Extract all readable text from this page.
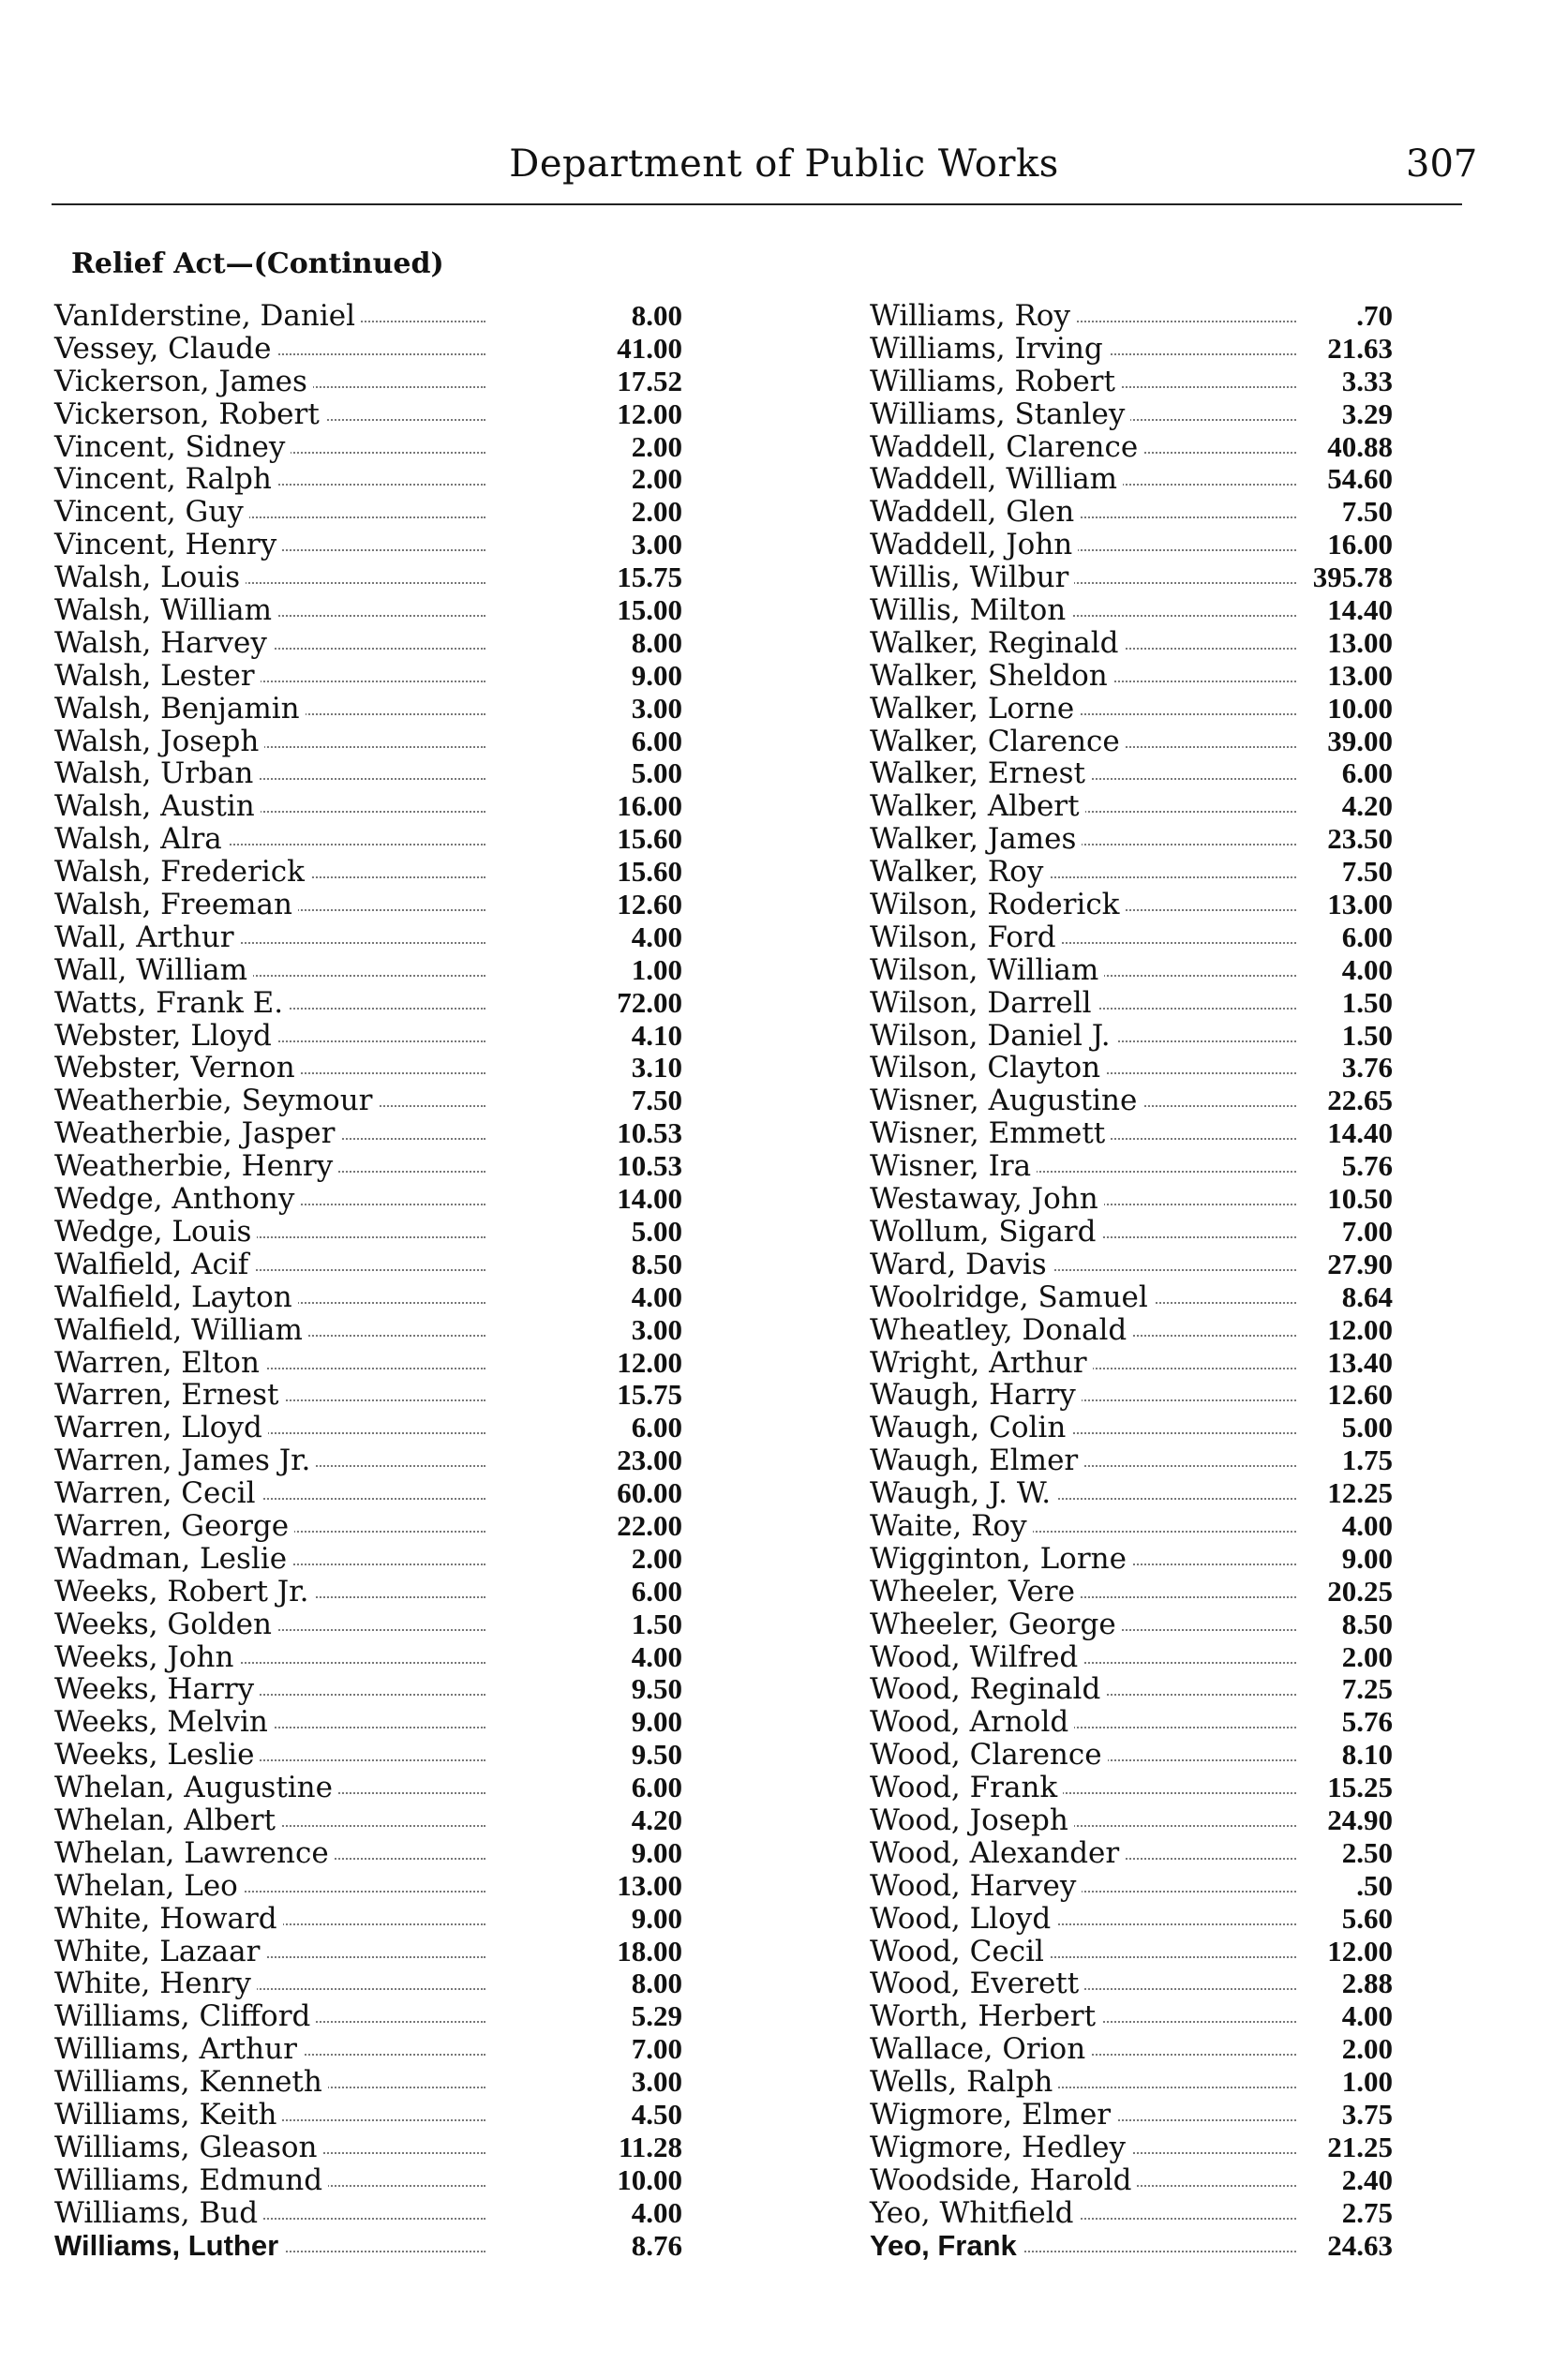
Department of Public Works	307
Relief Act—(Continued)
VanIderstine, Daniel	8.00
Vessey, Claude	41.00
Vickerson, James	17.52
Vickerson, Robert	12.00
Vincent, Sidney	2.00
Vincent, Ralph	2.00
Vincent, Guy	2.00
Vincent, Henry	3.00
Walsh, Louis	15.75
Walsh, William	15.00
Walsh, Harvey	8.00
Walsh, Lester	9.00
Walsh, Benjamin	3.00
Walsh, Joseph	6.00
Walsh, Urban	5.00
Walsh, Austin	16.00
Walsh, Alra	15.60
Walsh, Frederick	15.60
Walsh, Freeman	12.60
Wall, Arthur	4.00
Wall, William	1.00
Watts, Frank E.	72.00
Webster, Lloyd	4.10
Webster, Vernon	3.10
Weatherbie, Seymour	7.50
Weatherbie, Jasper	10.53
Weatherbie, Henry	10.53
Wedge, Anthony	14.00
Wedge, Louis	5.00
Walfield, Acif	8.50
Walfield, Layton	4.00
Walfield, William	3.00
Warren, Elton	12.00
Warren, Ernest	15.75
Warren, Lloyd	6.00
Warren, James Jr.	23.00
Warren, Cecil	60.00
Warren, George	22.00
Wadman, Leslie	2.00
Weeks, Robert Jr.	6.00
Weeks, Golden	1.50
Weeks, John	4.00
Weeks, Harry	9.50
Weeks, Melvin	9.00
Weeks, Leslie	9.50
Whelan, Augustine	6.00
Whelan, Albert	4.20
Whelan, Lawrence	9.00
Whelan, Leo	13.00
White, Howard	9.00
White, Lazaar	18.00
White, Henry	8.00
Williams, Clifford	5.29
Williams, Arthur	7.00
Williams, Kenneth	3.00
Williams, Keith	4.50
Williams, Gleason	11.28
Williams, Edmund	10.00
Williams, Bud	4.00
Williams, Luther	8.76
Williams, Roy	.70
Williams, Irving	21.63
Williams, Robert	3.33
Williams, Stanley	3.29
Waddell, Clarence	40.88
Waddell, William	54.60
Waddell, Glen	7.50
Waddell, John	16.00
Willis, Wilbur	395.78
Willis, Milton	14.40
Walker, Reginald	13.00
Walker, Sheldon	13.00
Walker, Lorne	10.00
Walker, Clarence	39.00
Walker, Ernest	6.00
Walker, Albert	4.20
Walker, James	23.50
Walker, Roy	7.50
Wilson, Roderick	13.00
Wilson, Ford	6.00
Wilson, William	4.00
Wilson, Darrell	1.50
Wilson, Daniel J.	1.50
Wilson, Clayton	3.76
Wisner, Augustine	22.65
Wisner, Emmett	14.40
Wisner, Ira	5.76
Westaway, John	10.50
Wollum, Sigard	7.00
Ward, Davis	27.90
Woolridge, Samuel	8.64
Wheatley, Donald	12.00
Wright, Arthur	13.40
Waugh, Harry	12.60
Waugh, Colin	5.00
Waugh, Elmer	1.75
Waugh, J. W.	12.25
Waite, Roy	4.00
Wigginton, Lorne	9.00
Wheeler, Vere	20.25
Wheeler, George	8.50
Wood, Wilfred	2.00
Wood, Reginald	7.25
Wood, Arnold	5.76
Wood, Clarence	8.10
Wood, Frank	15.25
Wood, Joseph	24.90
Wood, Alexander	2.50
Wood, Harvey	.50
Wood, Lloyd	5.60
Wood, Cecil	12.00
Wood, Everett	2.88
Worth, Herbert	4.00
Wallace, Orion	2.00
Wells, Ralph	1.00
Wigmore, Elmer	3.75
Wigmore, Hedley	21.25
Woodside, Harold	2.40
Yeo, Whitfield	2.75
Yeo, Frank	24.63
